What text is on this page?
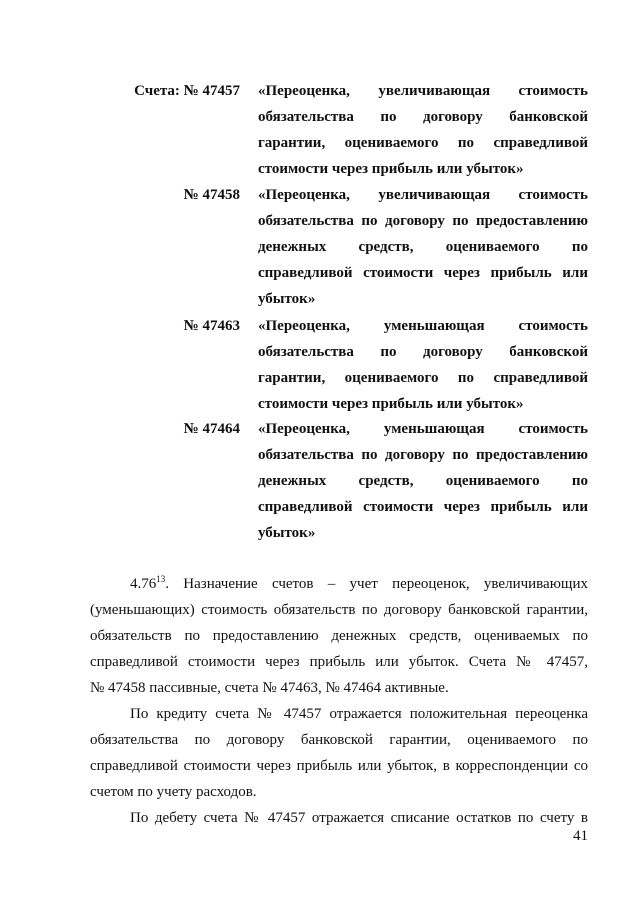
Счета: № 47457 «Переоценка, увеличивающая стоимость
обязательства по договору банковской
гарантии, оцениваемого по справедливой
стоимости через прибыль или убыток»
№ 47458 «Переоценка, увеличивающая стоимость
обязательства по договору по предоставлению
денежных средств, оцениваемого по
справедливой стоимости через прибыль или
убыток»
№ 47463 «Переоценка, уменьшающая стоимость
обязательства по договору банковской
гарантии, оцениваемого по справедливой
стоимости через прибыль или убыток»
№ 47464 «Переоценка, уменьшающая стоимость
обязательства по договору по предоставлению
денежных средств, оцениваемого по
справедливой стоимости через прибыль или
убыток»
4.76$^{13}$. Назначение счетов – учет переоценок, увеличивающих
(уменьшающих) стоимость обязательств по договору банковской гарантии,
обязательств по предоставлению денежных средств, оцениваемых по
справедливой стоимости через прибыль или убыток. Счета № 47457,
№ 47458 пассивные, счета № 47463, № 47464 активные.
По кредиту счета № 47457 отражается положительная переоценка
обязательства по договору банковской гарантии, оцениваемого по
справедливой стоимости через прибыль или убыток, в корреспонденции со
счетом по учету расходов.
По дебету счета № 47457 отражается списание остатков по счету в
41
